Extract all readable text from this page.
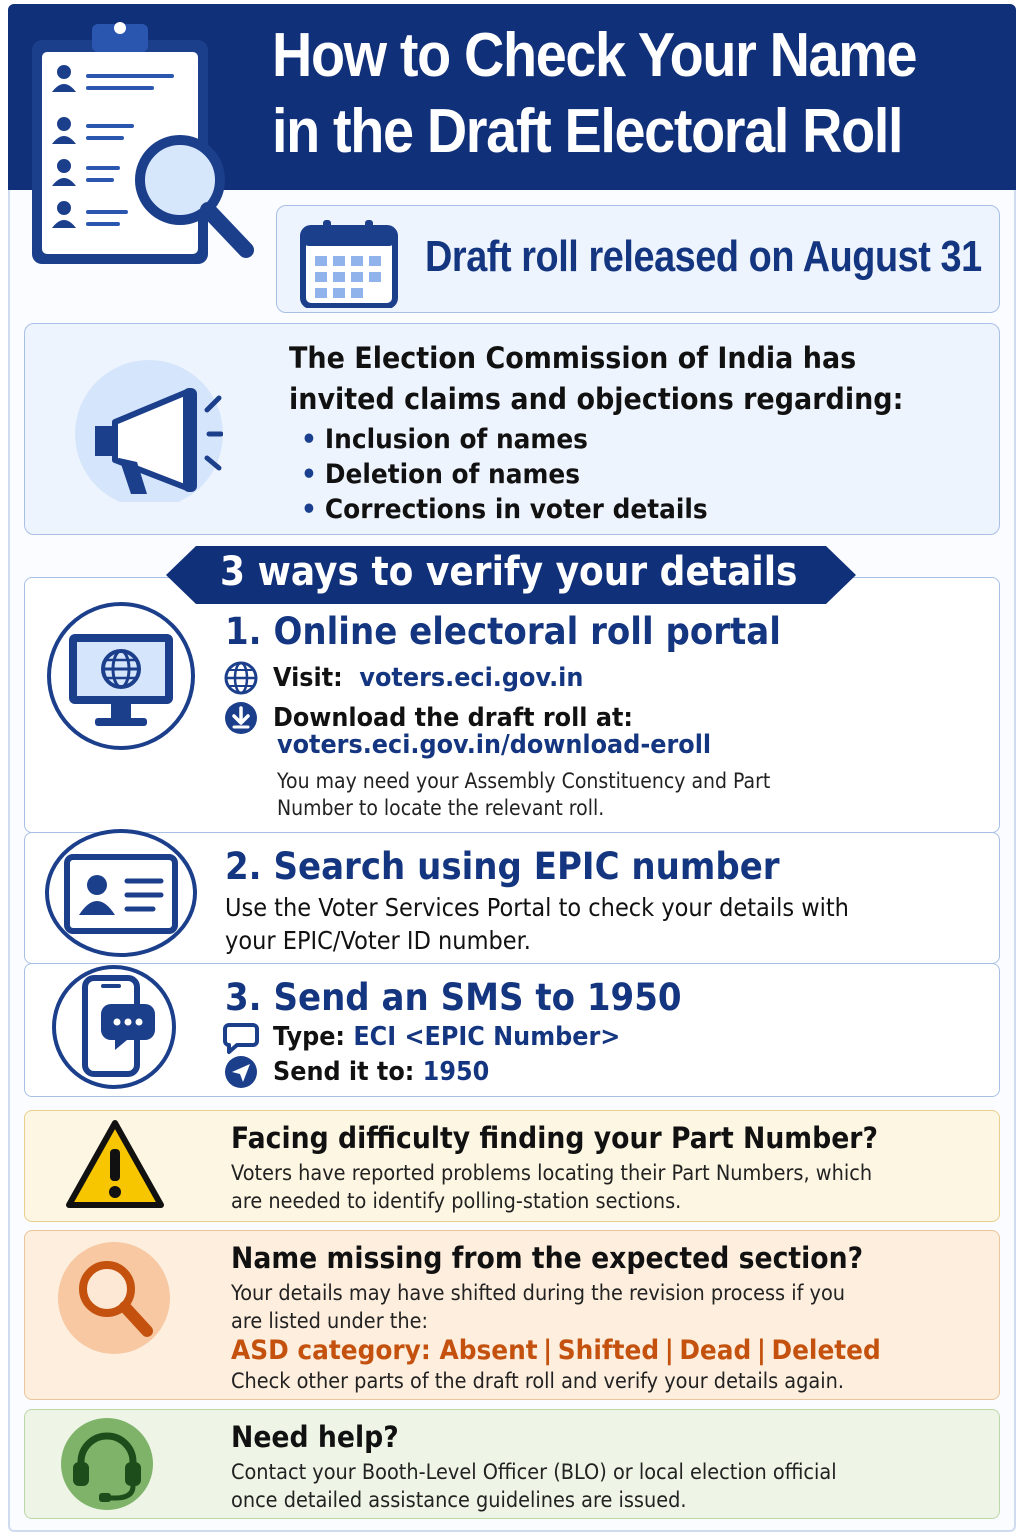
How to Check Your Name
in the Draft Electoral Roll
Draft roll released on August 31
The Election Commission of India has invited claims and objections regarding:
• Inclusion of names
• Deletion of names
• Corrections in voter details
1. Online electoral roll portal
Visit: voters.eci.gov.in
Download the draft roll at:
voters.eci.gov.in/download-eroll
You may need your Assembly Constituency and Part Number to locate the relevant roll.
3 ways to verify your details
2. Search using EPIC number
Use the Voter Services Portal to check your details with your EPIC/Voter ID number.
3. Send an SMS to 1950
Type: ECI <EPIC Number>
Send it to: 1950
Facing difficulty finding your Part Number?
Voters have reported problems locating their Part Numbers, which are needed to identify polling-station sections.
Name missing from the expected section?
Your details may have shifted during the revision process if you are listed under the:
ASD category: Absent | Shifted | Dead | Deleted
Check other parts of the draft roll and verify your details again.
Need help?
Contact your Booth-Level Officer (BLO) or local election official once detailed assistance guidelines are issued.
